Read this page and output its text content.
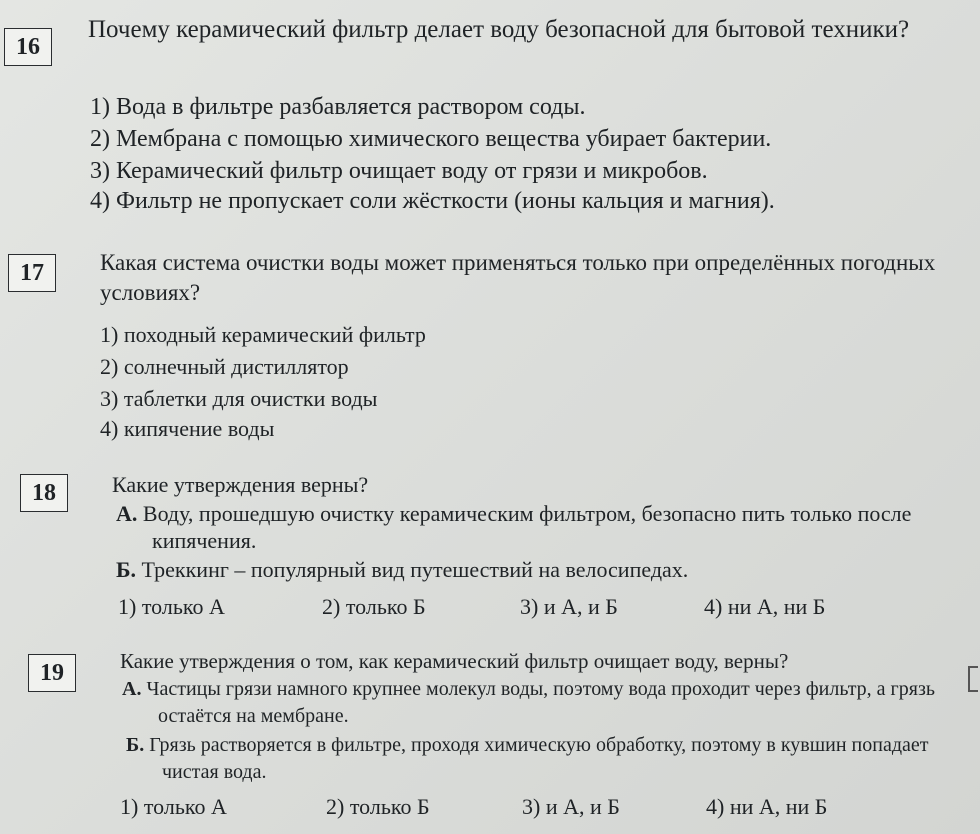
16

Почему керамический фильтр делает воду безопасной для бытовой техники?

1) Вода в фильтре разбавляется раствором соды.
2) Мембрана с помощью химического вещества убирает бактерии.
3) Керамический фильтр очищает воду от грязи и микробов.
4) Фильтр не пропускает соли жёсткости (ионы кальция и магния).
17	Какая система очистки воды может применяться только при определённых погодных условиях?

1) походный керамический фильтр
2) солнечный дистиллятор
3) таблетки для очистки воды
4) кипячение воды
18	Какие утверждения верны?

А. Воду, прошедшую очистку керамическим фильтром, безопасно пить только после кипячения.

Б. Треккинг – популярный вид путешествий на велосипедах.

1) только А	2) только Б	3) и А, и Б	4) ни А, ни Б
19	Какие утверждения о том, как керамический фильтр очищает воду, верны?

А. Частицы грязи намного крупнее молекул воды, поэтому вода проходит через фильтр, а грязь остаётся на мембране.

Б. Грязь растворяется в фильтре, проходя химическую обработку, поэтому в кувшин попадает чистая вода.

1) только А	2) только Б	3) и А, и Б	4) ни А, ни Б
